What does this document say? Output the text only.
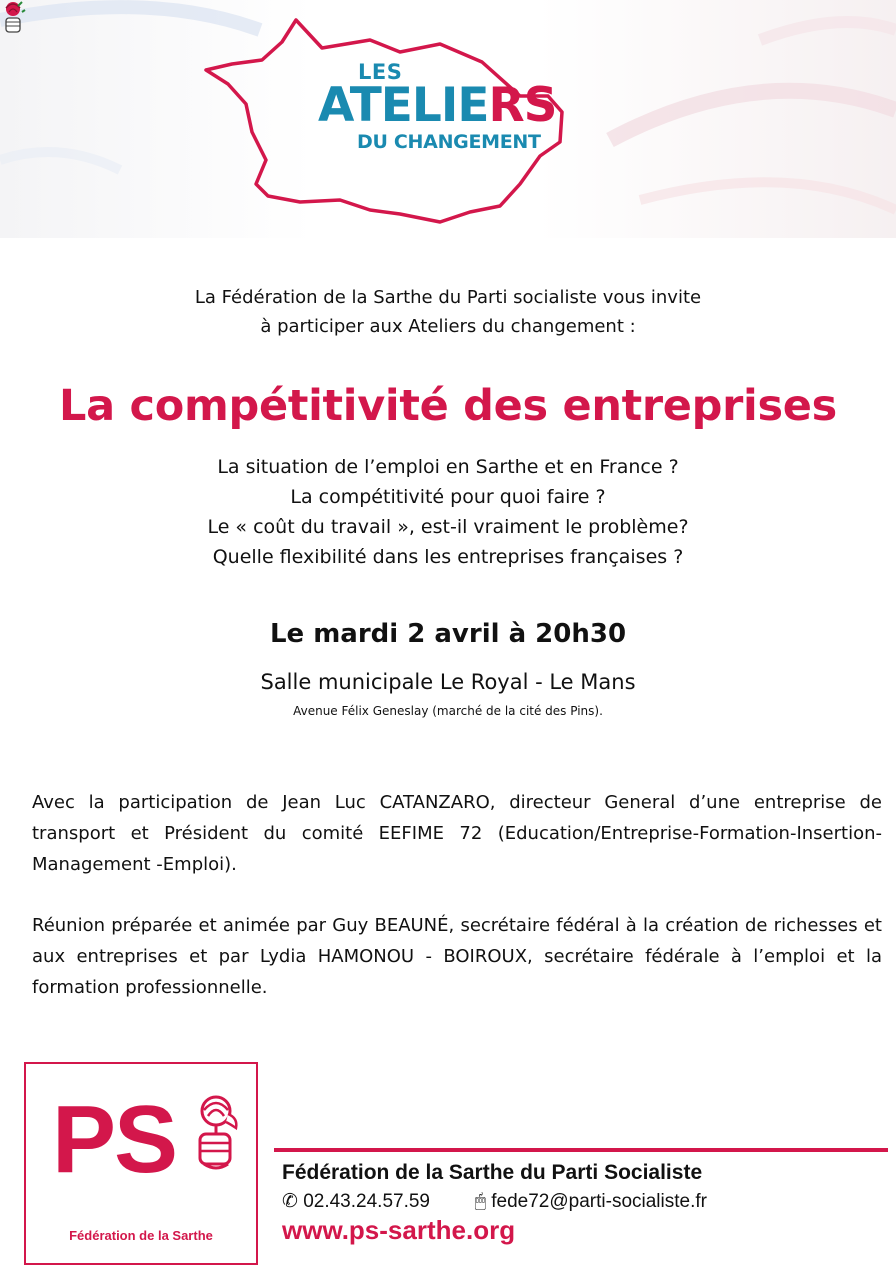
LES
ATELIERS
DU CHANGEMENT
La Fédération de la Sarthe du Parti socialiste vous invite
à participer aux Ateliers du changement :
La compétitivité des entreprises
La situation de l’emploi en Sarthe et en France ?
La compétitivité pour quoi faire ?
Le « coût du travail », est-il vraiment le problème?
Quelle flexibilité dans les entreprises françaises ?
Le mardi 2 avril à 20h30
Salle municipale Le Royal - Le Mans
Avenue Félix Geneslay (marché de la cité des Pins).
Avec la participation de Jean Luc CATANZARO, directeur General d’une entreprise de transport et Président du comité EEFIME 72 (Education/Entreprise-Formation-Insertion-Management -Emploi).
Réunion préparée et animée par Guy BEAUNÉ, secrétaire fédéral à la création de richesses et aux entreprises et par Lydia HAMONOU - BOIROUX, secrétaire fédérale à l’emploi et la formation professionnelle.
PS
Fédération de la Sarthe
Fédération de la Sarthe du Parti Socialiste
✆ 02.43.24.57.59 🖱 fede72@parti-socialiste.fr
www.ps-sarthe.org
